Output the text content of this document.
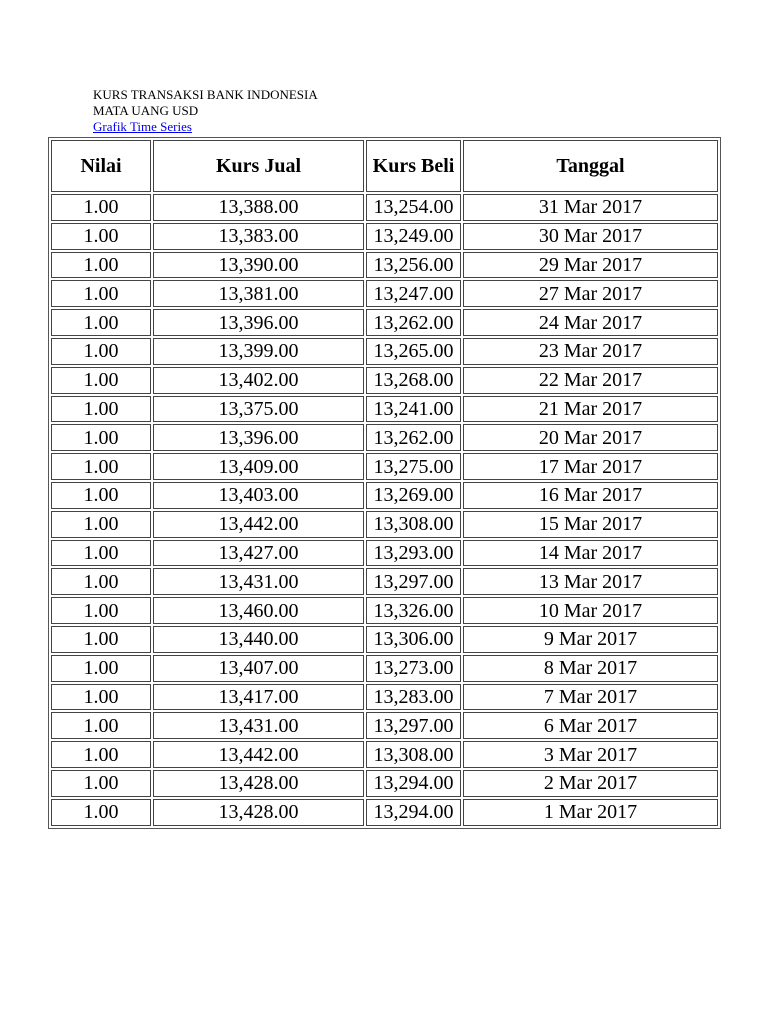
KURS TRANSAKSI BANK INDONESIA
MATA UANG USD
Grafik Time Series
Nilai	Kurs Jual	Kurs Beli	Tanggal
1.00	13,388.00	13,254.00	31 Mar 2017
1.00	13,383.00	13,249.00	30 Mar 2017
1.00	13,390.00	13,256.00	29 Mar 2017
1.00	13,381.00	13,247.00	27 Mar 2017
1.00	13,396.00	13,262.00	24 Mar 2017
1.00	13,399.00	13,265.00	23 Mar 2017
1.00	13,402.00	13,268.00	22 Mar 2017
1.00	13,375.00	13,241.00	21 Mar 2017
1.00	13,396.00	13,262.00	20 Mar 2017
1.00	13,409.00	13,275.00	17 Mar 2017
1.00	13,403.00	13,269.00	16 Mar 2017
1.00	13,442.00	13,308.00	15 Mar 2017
1.00	13,427.00	13,293.00	14 Mar 2017
1.00	13,431.00	13,297.00	13 Mar 2017
1.00	13,460.00	13,326.00	10 Mar 2017
1.00	13,440.00	13,306.00	9 Mar 2017
1.00	13,407.00	13,273.00	8 Mar 2017
1.00	13,417.00	13,283.00	7 Mar 2017
1.00	13,431.00	13,297.00	6 Mar 2017
1.00	13,442.00	13,308.00	3 Mar 2017
1.00	13,428.00	13,294.00	2 Mar 2017
1.00	13,428.00	13,294.00	1 Mar 2017
